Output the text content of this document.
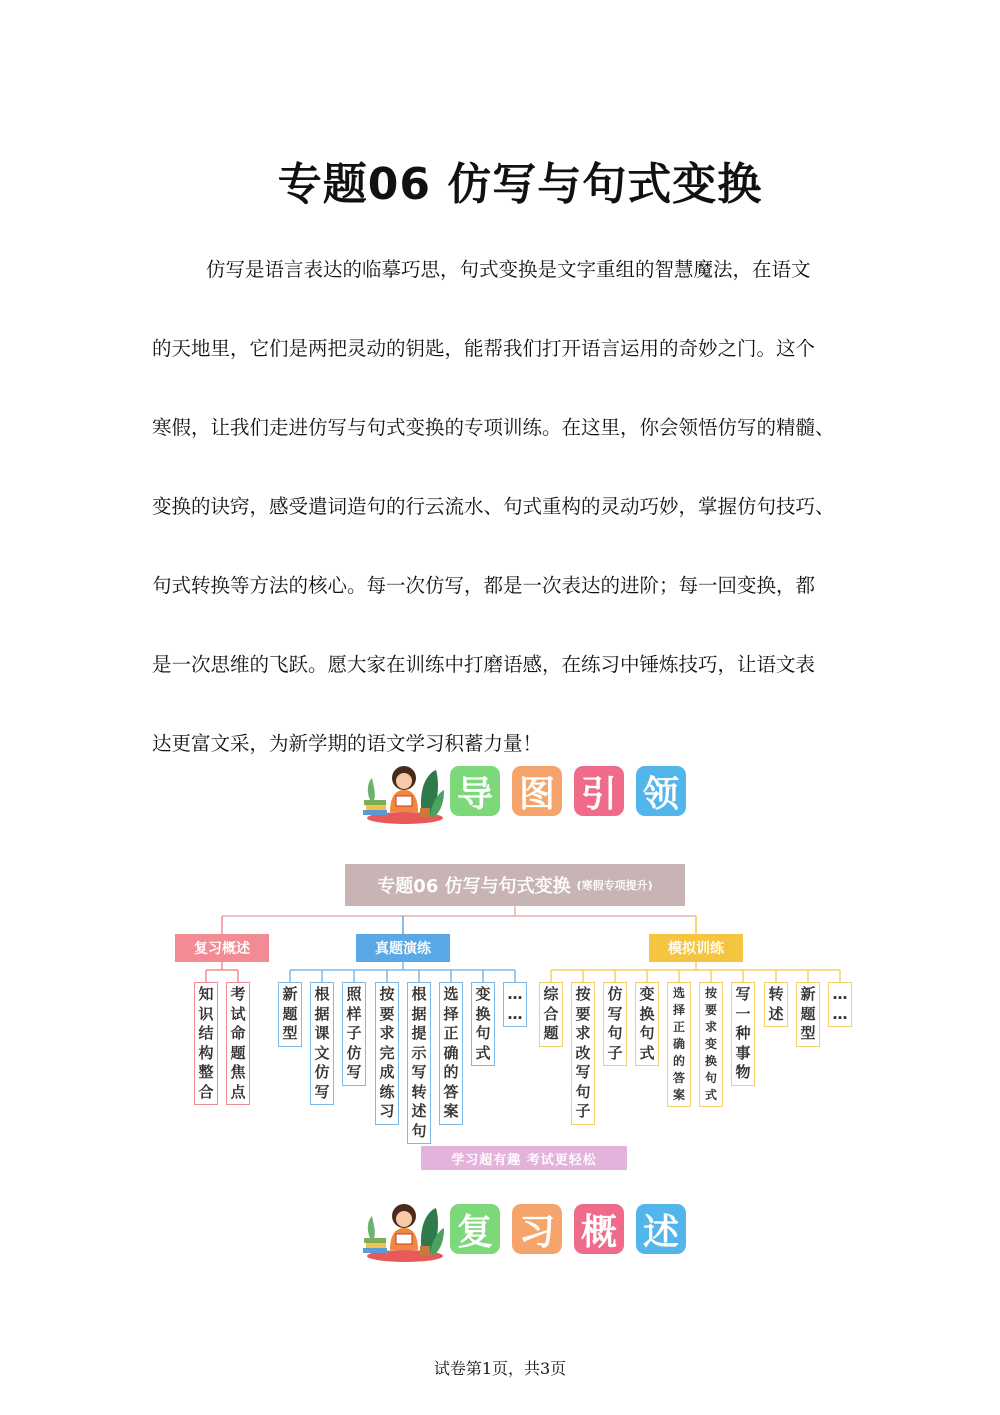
专题06 仿写与句式变换

仿写是语言表达的临摹巧思，句式变换是文字重组的智慧魔法，在语文
的天地里，它们是两把灵动的钥匙，能帮我们打开语言运用的奇妙之门。这个
寒假，让我们走进仿写与句式变换的专项训练。在这里，你会领悟仿写的精髓、
变换的诀窍，感受遣词造句的行云流水、句式重构的灵动巧妙，掌握仿句技巧、
句式转换等方法的核心。每一次仿写，都是一次表达的进阶；每一回变换，都
是一次思维的飞跃。愿大家在训练中打磨语感，在练习中锤炼技巧，让语文表
达更富文采，为新学期的语文学习积蓄力量！

导 图 引 领
专题06 仿写与句式变换 (寒假专项提升)
复习概述	真题演练	模拟训练
知
识
结
构
整
合
考
试
命
题
焦
点
新
题
型
根
据
课
文
仿
写
照
样
子
仿
写
按
要
求
完
成
练
习
根
据
提
示
写
转
述
句
选
择
正
确
的
答
案
变
换
句
式
…
…
综
合
题
按
要
求
改
写
句
子
仿
写
句
子
变
换
句
式
选
择
正
确
的
答
案
按
要
求
变
换
句
式
写
一
种
事
物
转
述
新
题
型
…
…
学习超有趣 考试更轻松
复 习 概 述
试卷第1页，共3页
